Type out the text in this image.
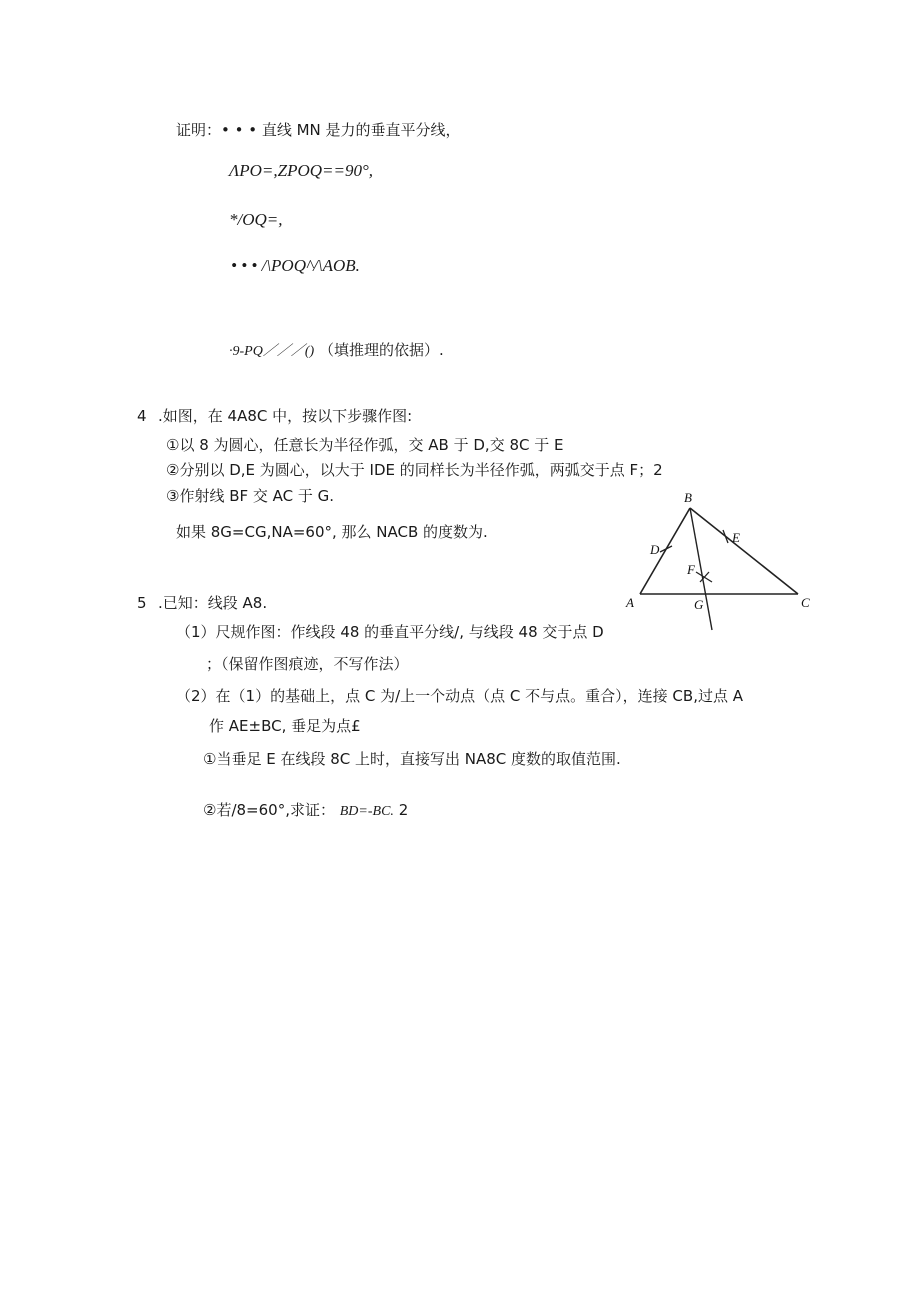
证明：• • • 直线 MN 是力的垂直平分线，
ΛPO=,ZPOQ==90°,
*/OQ=,
• • • /\POQ^/\AOB.
·9-PQ／／／() （填推理的依据）.
4 .如图，在 4A8C 中，按以下步骤作图:
①以 8 为圆心，任意长为半径作弧，交 AB 于 D,交 8C 于 E
②分别以 D,E 为圆心，以大于 IDE 的同样长为半径作弧，两弧交于点 F；2
③作射线 BF 交 AC 于 G.
如果 8G=CG,NA=60°, 那么 NACB 的度数为.
B
A	C
D
E
F
G
5 .已知：线段 A8.
（1）尺规作图：作线段 48 的垂直平分线/, 与线段 48 交于点 D
；（保留作图痕迹，不写作法）
（2）在（1）的基础上，点 C 为/上一个动点（点 C 不与点。重合），连接 CB,过点 A
作 AE±BC, 垂足为点£
①当垂足 E 在线段 8C 上时，直接写出 NA8C 度数的取值范围.
②若/8=60°,求证： BD=-BC. 2
